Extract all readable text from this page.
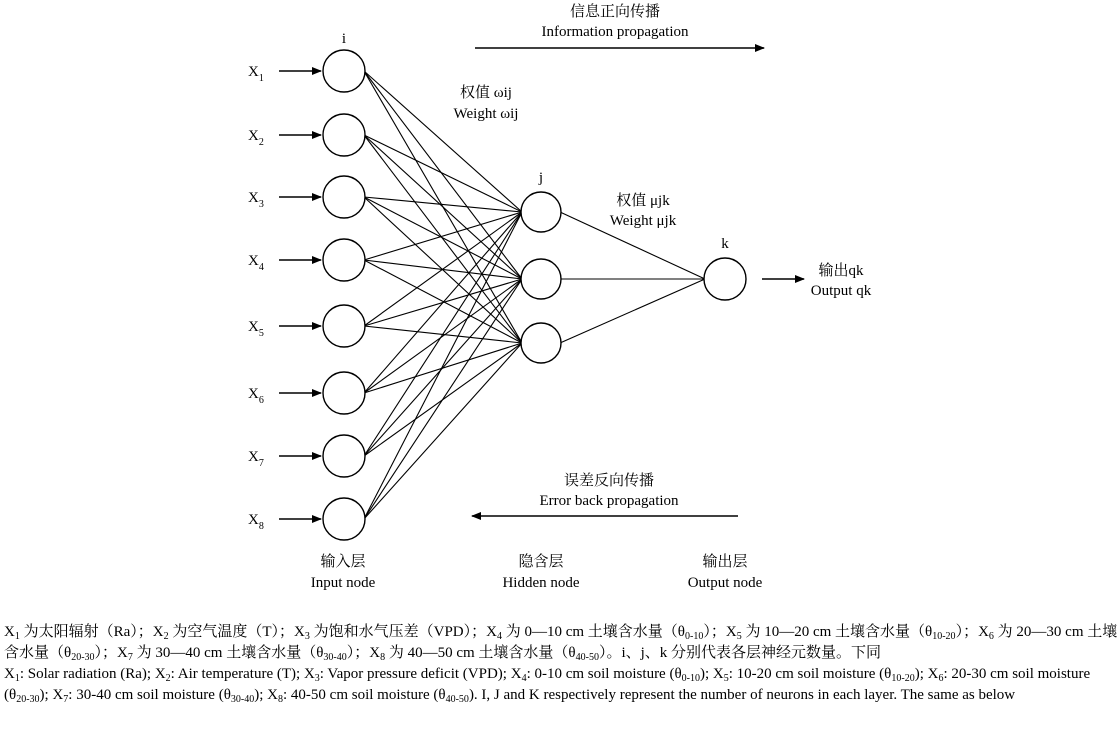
信息正向传播
Information propagation
i
j
k
权值 ωij
Weight ωij
权值 μjk
Weight μjk
$X_1$
$X_2$
$X_3$
$X_4$
$X_5$
$X_6$
$X_7$
$X_8$
输出qk
Output qk
误差反向传播
Error back propagation
输入层
Input node
隐含层
Hidden node
输出层
Output node

$X_1$ 为太阳辐射（Ra）；$X_2$ 为空气温度（T）；$X_3$ 为饱和水气压差（VPD）；$X_4$ 为 0—10 cm 土壤含水量$(\theta_{0-10})$；$X_5$ 为 10—20 cm 土壤含水量$(\theta_{10-20})$；$X_6$ 为 20—30 cm 土壤含水量$(\theta_{20-30})$；$X_7$ 为 30—40 cm 土壤含水量$(\theta_{30-40})$；$X_8$ 为 40—50 cm 土壤含水量$(\theta_{40-50})$。i、j、k 分别代表各层神经元数量。下同

$X_1$: Solar radiation (Ra); $X_2$: Air temperature (T); $X_3$: Vapor pressure deficit (VPD); $X_4$: 0-10 cm soil moisture $(\theta_{0-10})$; $X_5$: 10-20 cm soil moisture $(\theta_{10-20})$; $X_6$: 20-30 cm soil moisture $(\theta_{20-30})$; $X_7$: 30-40 cm soil moisture $(\theta_{30-40})$; $X_8$: 40-50 cm soil moisture $(\theta_{40-50})$. I, J and K respectively represent the number of neurons in each layer. The same as below
